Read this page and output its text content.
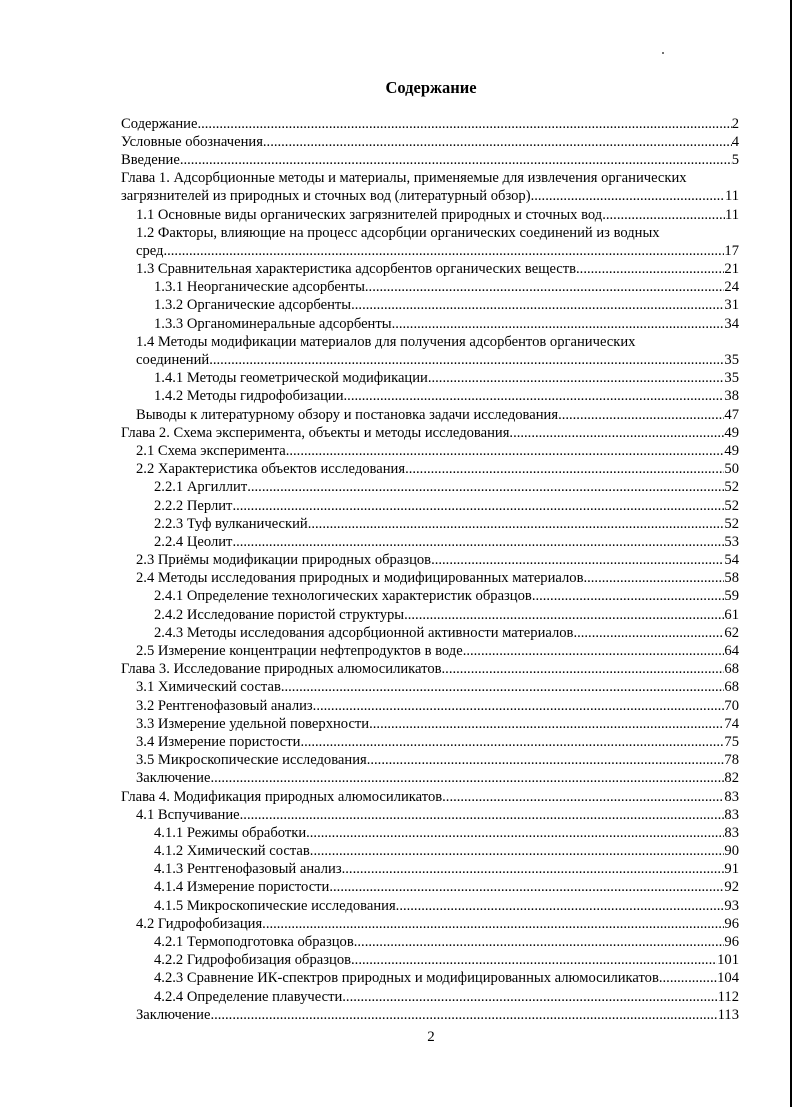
Содержание
Содержание .....	2
Условные обозначения .....	4
Введение .....	5
Глава 1. Адсорбционные методы и материалы, применяемые для извлечения органических
загрязнителей из природных и сточных вод (литературный обзор) .....	11
1.1 Основные виды органических загрязнителей природных и сточных вод .....	11
1.2 Факторы, влияющие на процесс адсорбции органических соединений из водных
сред .....	17
1.3 Сравнительная характеристика адсорбентов органических веществ .....	21
1.3.1 Неорганические адсорбенты .....	24
1.3.2 Органические адсорбенты .....	31
1.3.3 Органоминеральные адсорбенты .....	34
1.4 Методы модификации материалов для получения адсорбентов органических
соединений .....	35
1.4.1 Методы геометрической модификации .....	35
1.4.2 Методы гидрофобизации .....	38
Выводы к литературному обзору и постановка задачи исследования .....	47
Глава 2. Схема эксперимента, объекты и методы исследования .....	49
2.1 Схема эксперимента .....	49
2.2 Характеристика объектов исследования .....	50
2.2.1 Аргиллит .....	52
2.2.2 Перлит .....	52
2.2.3 Туф вулканический .....	52
2.2.4 Цеолит .....	53
2.3 Приёмы модификации природных образцов .....	54
2.4 Методы исследования природных и модифицированных материалов .....	58
2.4.1 Определение технологических характеристик образцов .....	59
2.4.2 Исследование пористой структуры .....	61
2.4.3 Методы исследования адсорбционной активности материалов .....	62
2.5 Измерение концентрации нефтепродуктов в воде .....	64
Глава 3. Исследование природных алюмосиликатов .....	68
3.1 Химический состав .....	68
3.2 Рентгенофазовый анализ .....	70
3.3 Измерение удельной поверхности .....	74
3.4 Измерение пористости .....	75
3.5 Микроскопические исследования .....	78
Заключение .....	82
Глава 4. Модификация природных алюмосиликатов .....	83
4.1 Вспучивание .....	83
4.1.1 Режимы обработки .....	83
4.1.2 Химический состав .....	90
4.1.3 Рентгенофазовый анализ .....	91
4.1.4 Измерение пористости .....	92
4.1.5 Микроскопические исследования .....	93
4.2 Гидрофобизация .....	96
4.2.1 Термоподготовка образцов .....	96
4.2.2 Гидрофобизация образцов .....	101
4.2.3 Сравнение ИК-спектров природных и модифицированных алюмосиликатов .....	104
4.2.4 Определение плавучести .....	112
Заключение .....	113
2
